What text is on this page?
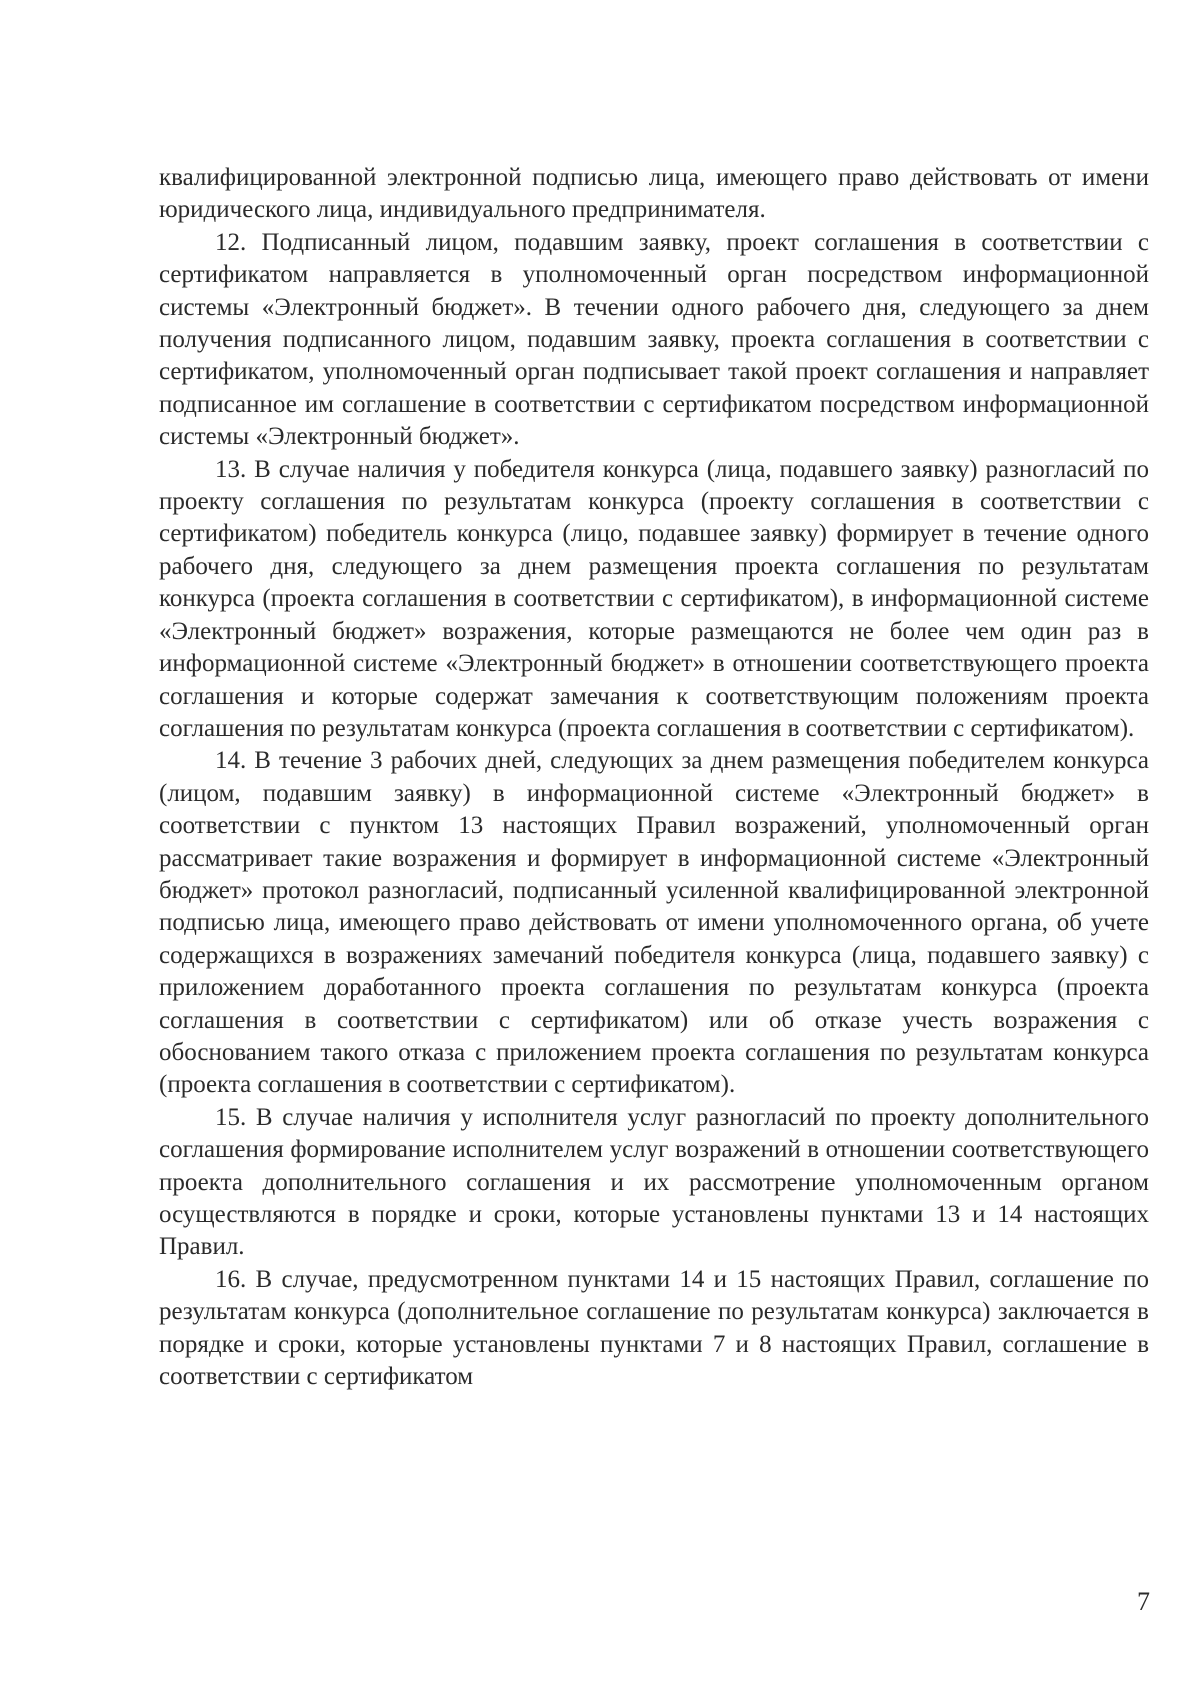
квалифицированной электронной подписью лица, имеющего право действовать от имени юридического лица, индивидуального предпринимателя.

12. Подписанный лицом, подавшим заявку, проект соглашения в соответствии с сертификатом направляется в уполномоченный орган посредством информационной системы «Электронный бюджет». В течении одного рабочего дня, следующего за днем получения подписанного лицом, подавшим заявку, проекта соглашения в соответствии с сертификатом, уполномоченный орган подписывает такой проект соглашения и направляет подписанное им соглашение в соответствии с сертификатом посредством информационной системы «Электронный бюджет».

13. В случае наличия у победителя конкурса (лица, подавшего заявку) разногласий по проекту соглашения по результатам конкурса (проекту соглашения в соответствии с сертификатом) победитель конкурса (лицо, подавшее заявку) формирует в течение одного рабочего дня, следующего за днем размещения проекта соглашения по результатам конкурса (проекта соглашения в соответствии с сертификатом), в информационной системе «Электронный бюджет» возражения, которые размещаются не более чем один раз в информационной системе «Электронный бюджет» в отношении соответствующего проекта соглашения и которые содержат замечания к соответствующим положениям проекта соглашения по результатам конкурса (проекта соглашения в соответствии с сертификатом).

14. В течение 3 рабочих дней, следующих за днем размещения победителем конкурса (лицом, подавшим заявку) в информационной системе «Электронный бюджет» в соответствии с пунктом 13 настоящих Правил возражений, уполномоченный орган рассматривает такие возражения и формирует в информационной системе «Электронный бюджет» протокол разногласий, подписанный усиленной квалифицированной электронной подписью лица, имеющего право действовать от имени уполномоченного органа, об учете содержащихся в возражениях замечаний победителя конкурса (лица, подавшего заявку) с приложением доработанного проекта соглашения по результатам конкурса (проекта соглашения в соответствии с сертификатом) или об отказе учесть возражения с обоснованием такого отказа с приложением проекта соглашения по результатам конкурса (проекта соглашения в соответствии с сертификатом).

15. В случае наличия у исполнителя услуг разногласий по проекту дополнительного соглашения формирование исполнителем услуг возражений в отношении соответствующего проекта дополнительного соглашения и их рассмотрение уполномоченным органом осуществляются в порядке и сроки, которые установлены пунктами 13 и 14 настоящих Правил.

16. В случае, предусмотренном пунктами 14 и 15 настоящих Правил, соглашение по результатам конкурса (дополнительное соглашение по результатам конкурса) заключается в порядке и сроки, которые установлены пунктами 7 и 8 настоящих Правил, соглашение в соответствии с сертификатом

7
